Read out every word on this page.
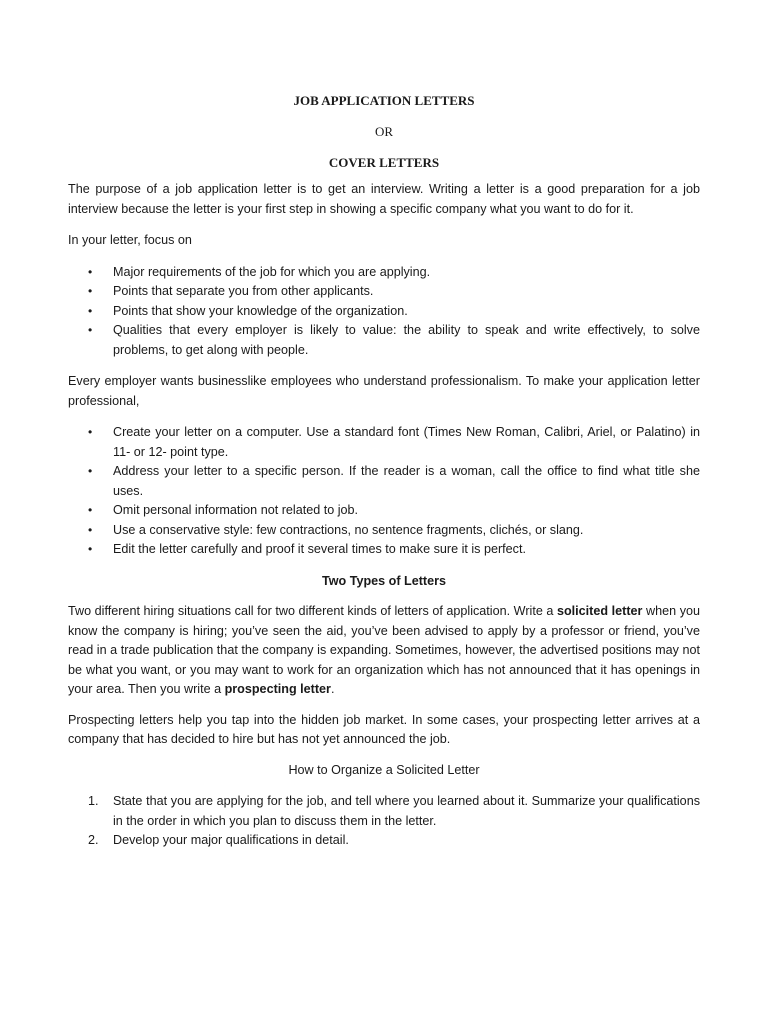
JOB APPLICATION LETTERS
OR
COVER LETTERS

The purpose of a job application letter is to get an interview. Writing a letter is a good preparation for a job interview because the letter is your first step in showing a specific company what you want to do for it.

In your letter, focus on

• Major requirements of the job for which you are applying.
• Points that separate you from other applicants.
• Points that show your knowledge of the organization.
• Qualities that every employer is likely to value: the ability to speak and write effectively, to solve problems, to get along with people.

Every employer wants businesslike employees who understand professionalism. To make your application letter professional,

• Create your letter on a computer. Use a standard font (Times New Roman, Calibri, Ariel, or Palatino) in 11- or 12- point type.
• Address your letter to a specific person. If the reader is a woman, call the office to find what title she uses.
• Omit personal information not related to job.
• Use a conservative style: few contractions, no sentence fragments, clichés, or slang.
• Edit the letter carefully and proof it several times to make sure it is perfect.
Two Types of Letters

Two different hiring situations call for two different kinds of letters of application. Write a solicited letter when you know the company is hiring; you’ve seen the aid, you’ve been advised to apply by a professor or friend, you’ve read in a trade publication that the company is expanding. Sometimes, however, the advertised positions may not be what you want, or you may want to work for an organization which has not announced that it has openings in your area. Then you write a prospecting letter.

Prospecting letters help you tap into the hidden job market. In some cases, your prospecting letter arrives at a company that has decided to hire but has not yet announced the job.

How to Organize a Solicited Letter
1. State that you are applying for the job, and tell where you learned about it. Summarize your qualifications in the order in which you plan to discuss them in the letter.
2. Develop your major qualifications in detail.
